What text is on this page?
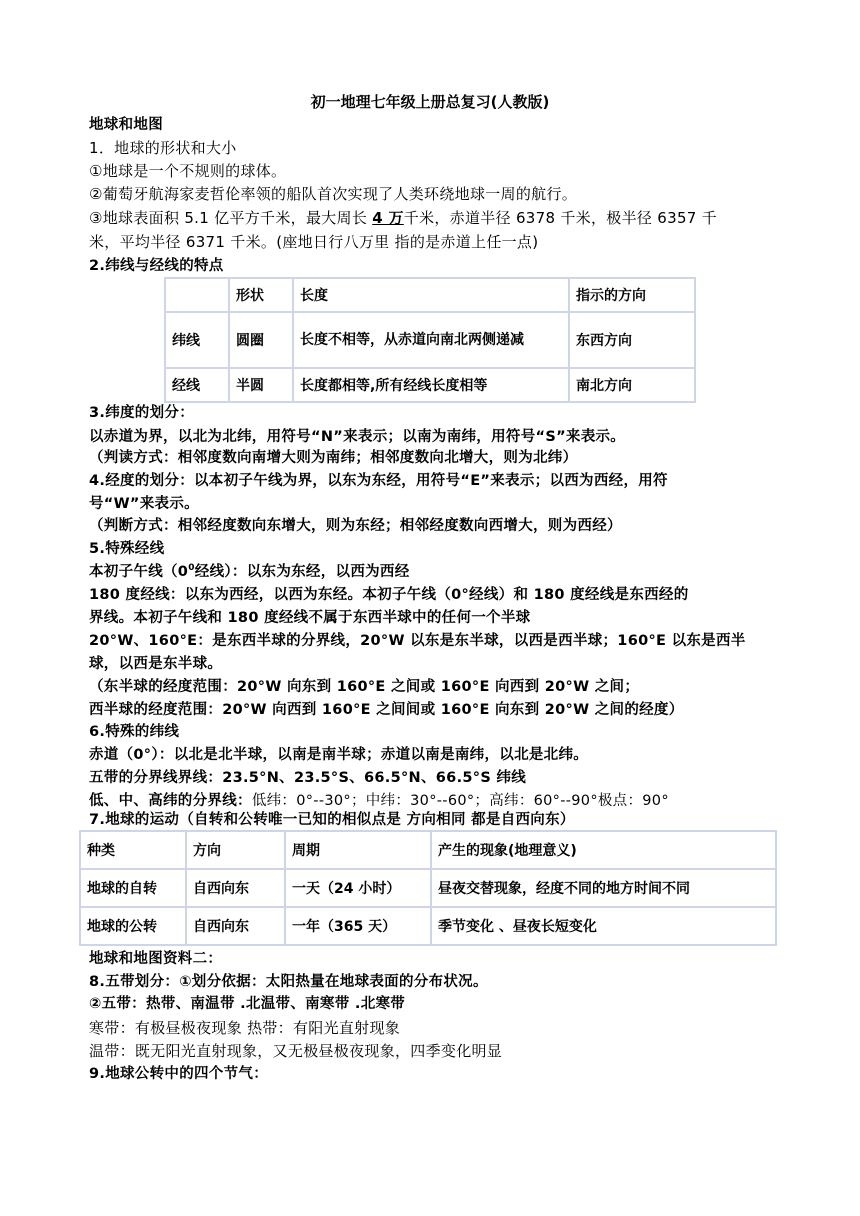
初一地理七年级上册总复习(人教版)
地球和地图
1．地球的形状和大小
①地球是一个不规则的球体。
②葡萄牙航海家麦哲伦率领的船队首次实现了人类环绕地球一周的航行。
③地球表面积 5.1 亿平方千米，最大周长 4 万千米，赤道半径 6378 千米，极半径 6357 千
米，平均半径 6371 千米。(座地日行八万里 指的是赤道上任一点)
2.纬线与经线的特点
	形状	长度	指示的方向
纬线	圆圈	长度不相等，从赤道向南北两侧递减	东西方向
经线	半圆	长度都相等,所有经线长度相等	南北方向
3.纬度的划分：
以赤道为界，以北为北纬，用符号“N”来表示；以南为南纬，用符号“S”来表示。
（判读方式：相邻度数向南增大则为南纬；相邻度数向北增大，则为北纬）
4.经度的划分：以本初子午线为界，以东为东经，用符号“E”来表示；以西为西经，用符
号“W”来表示。
（判断方式：相邻经度数向东增大，则为东经；相邻经度数向西增大，则为西经）
5.特殊经线
本初子午线（$0^0$经线）：以东为东经，以西为西经
180 度经线：以东为西经，以西为东经。本初子午线（0°经线）和 180 度经线是东西经的
界线。本初子午线和 180 度经线不属于东西半球中的任何一个半球
20°W、160°E：是东西半球的分界线，20°W 以东是东半球，以西是西半球；160°E 以东是西半
球，以西是东半球。
（东半球的经度范围：20°W 向东到 160°E 之间或 160°E 向西到 20°W 之间；
西半球的经度范围：20°W 向西到 160°E 之间间或 160°E 向东到 20°W 之间的经度）
6.特殊的纬线
赤道（0°）：以北是北半球，以南是南半球；赤道以南是南纬，以北是北纬。
五带的分界线界线：23.5°N、23.5°S、66.5°N、66.5°S 纬线
低、中、高纬的分界线：低纬：0°--30°；中纬：30°--60°；高纬：60°--90°极点：90°
7.地球的运动（自转和公转唯一已知的相似点是 方向相同 都是自西向东）
种类	方向	周期	产生的现象(地理意义)
地球的自转	自西向东	一天（24 小时）	昼夜交替现象，经度不同的地方时间不同
地球的公转	自西向东	一年（365 天）	季节变化 、昼夜长短变化
地球和地图资料二：
8.五带划分：①划分依据：太阳热量在地球表面的分布状况。
②五带：热带、南温带 .北温带、南寒带 .北寒带
寒带：有极昼极夜现象 热带：有阳光直射现象
温带：既无阳光直射现象，又无极昼极夜现象，四季变化明显
9.地球公转中的四个节气：
